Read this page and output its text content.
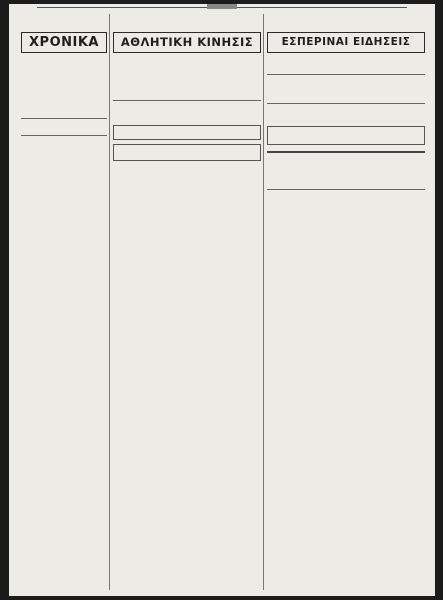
ΧΡΟΝΙΚΑ	ΑΘΛΗΤΙΚΗ ΚΙΝΗΣΙΣ	ΕΣΠΕΡΙΝΑΙ ΕΙΔΗΣΕΙΣ
